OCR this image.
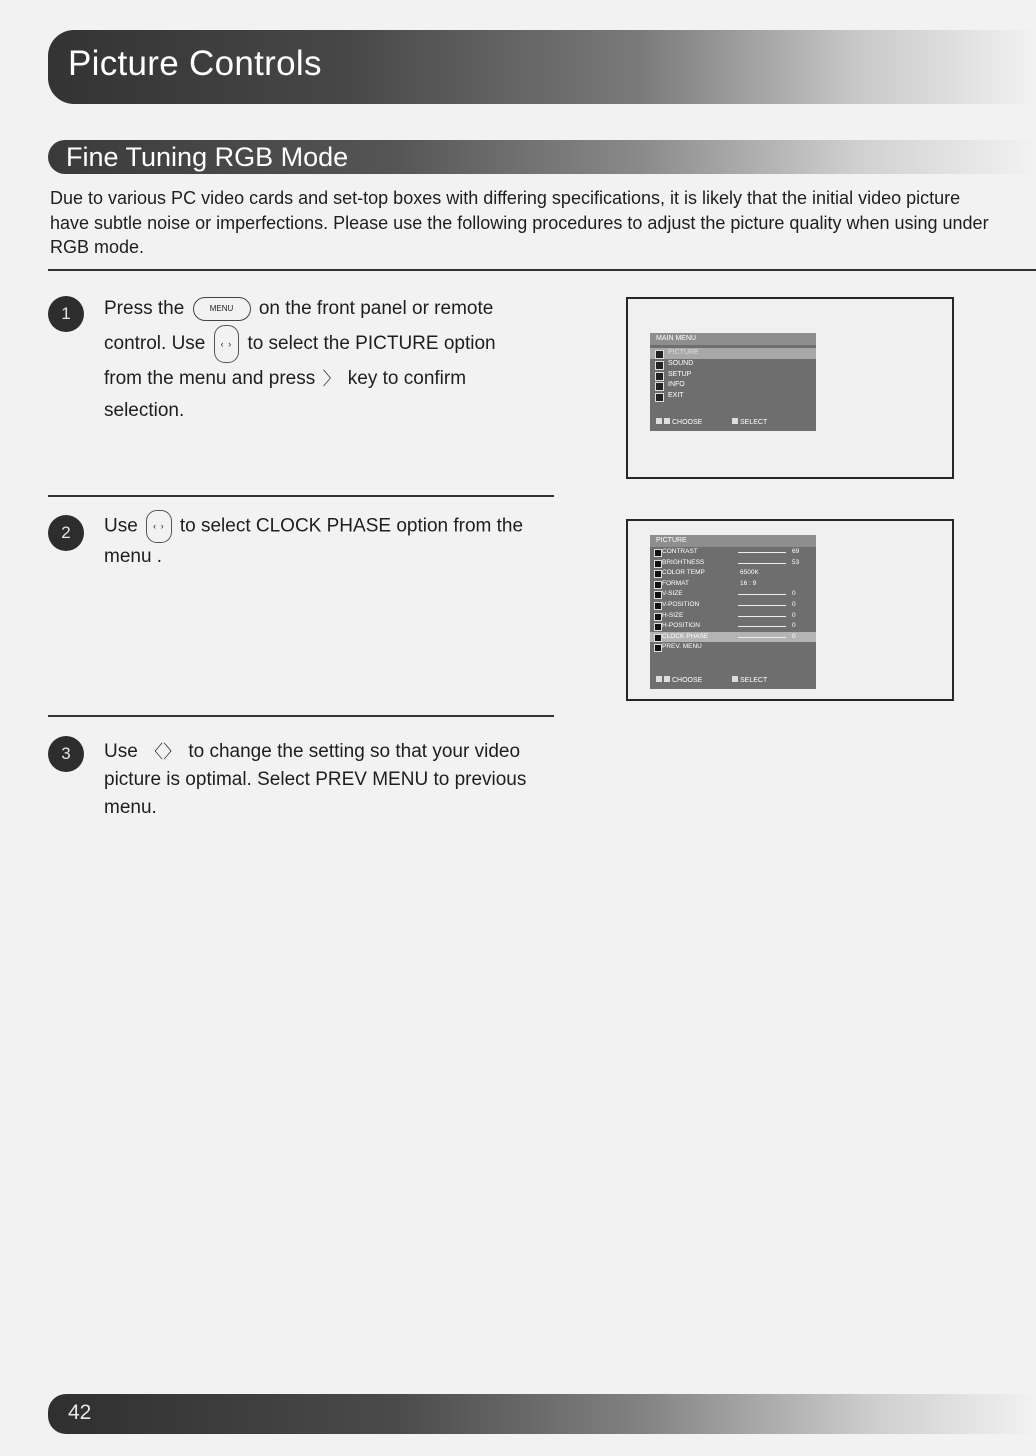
Picture Controls
Fine Tuning RGB Mode

Due to various PC video cards and set-top boxes with differing specifications, it is likely that the initial video picture have subtle noise or imperfections. Please use the following procedures to adjust the picture quality when using under RGB mode.

1	Press the	MENU on the front panel or remote control. Use ‹ › to select the PICTURE option from the menu and press 〉 key to confirm selection.

MAIN MENU
PICTURE
SOUND
SETUP
INFO
EXIT
CHOOSE	SELECT
2	Use ‹ › to select CLOCK PHASE option from the menu .

PICTURE
CONTRAST	69
BRIGHTNESS	53
COLOR TEMP	6500K
FORMAT	16 : 9
V-SIZE	0
V-POSITION	0
H-SIZE	0
H-POSITION	0
CLOCK PHASE	0
PREV. MENU
CHOOSE	SELECT
3	Use 〈〉 to change the setting so that your video picture is optimal. Select PREV MENU to previous menu.

42
